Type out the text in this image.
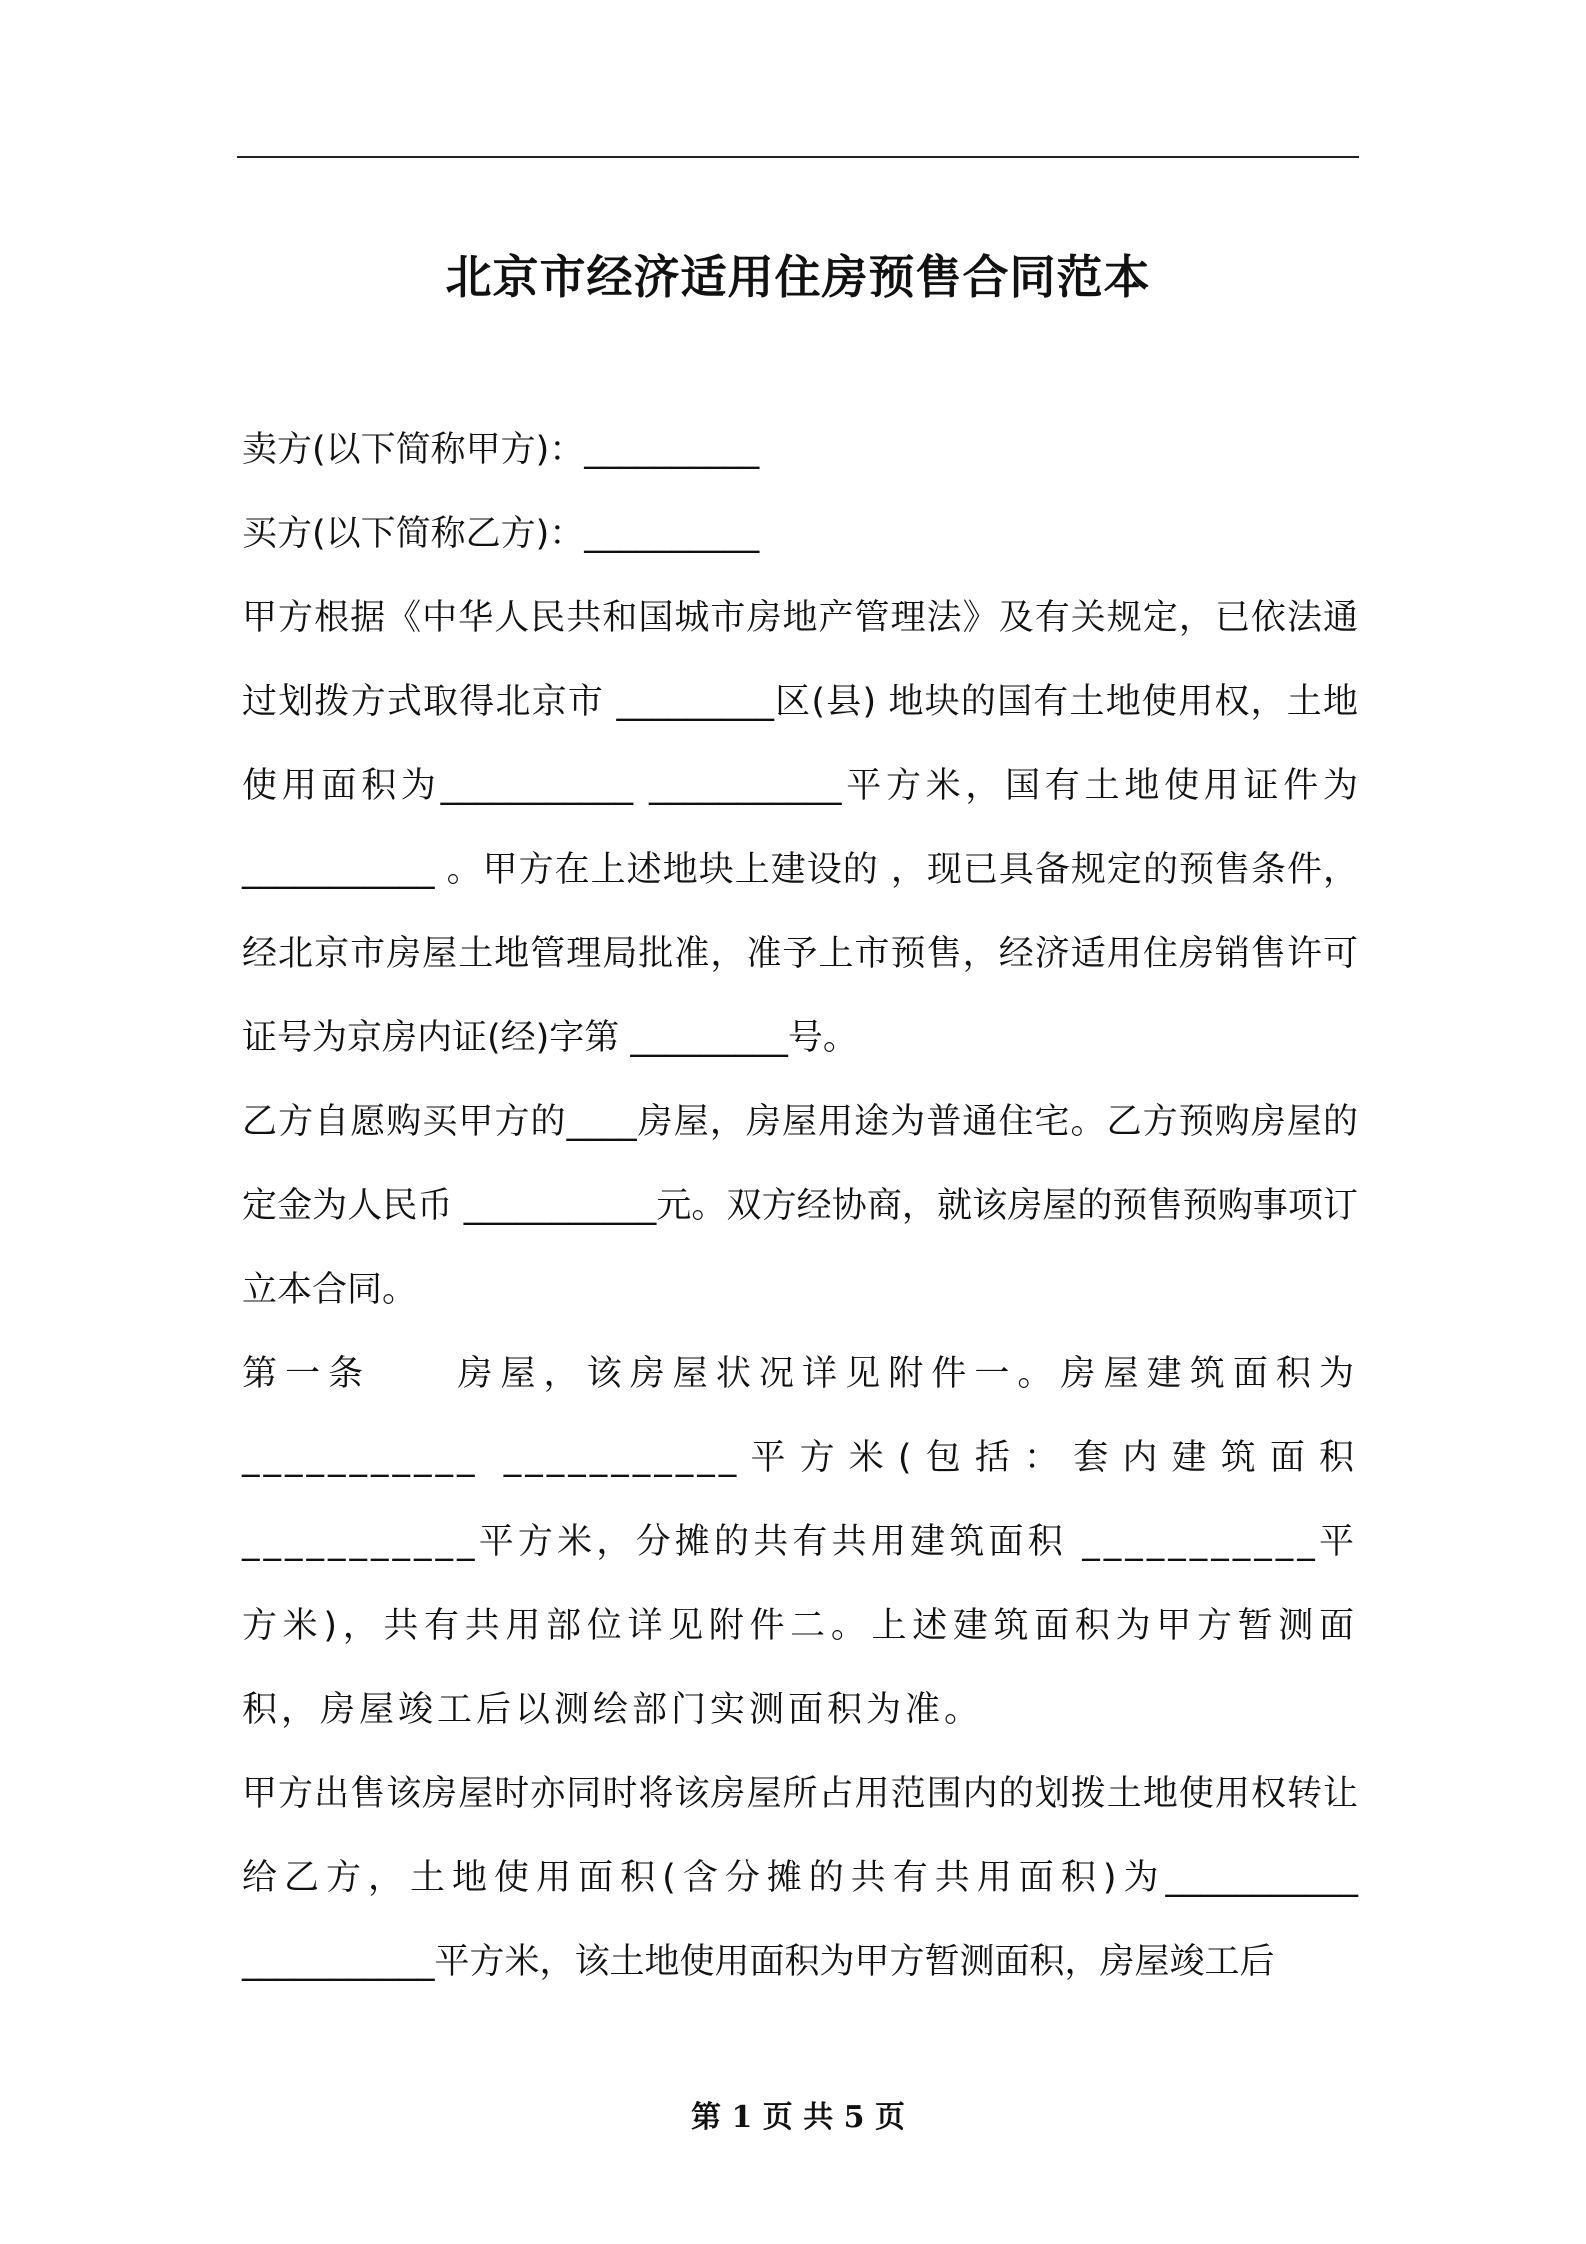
北京市经济适用住房预售合同范本

卖方(以下简称甲方)：__________

买方(以下简称乙方)：__________

甲方根据《中华人民共和国城市房地产管理法》及有关规定，已依法通过划拨方式取得北京市 _________区(县) 地块的国有土地使用权，土地使用面积为___________ ___________平方米，国有土地使用证件为___________ 。甲方在上述地块上建设的 ，现已具备规定的预售条件，经北京市房屋土地管理局批准，准予上市预售，经济适用住房销售许可证号为京房内证(经)字第 _________号。

乙方自愿购买甲方的____房屋，房屋用途为普通住宅。乙方预购房屋的定金为人民币 ___________元。双方经协商，就该房屋的预售预购事项订立本合同。

第一条　　房屋，该房屋状况详见附件一。房屋建筑面积为___________ ___________平方米(包括：套内建筑面积 ___________平方米，分摊的共有共用建筑面积 ___________平方米)，共有共用部位详见附件二。上述建筑面积为甲方暂测面积，房屋竣工后以测绘部门实测面积为准。

甲方出售该房屋时亦同时将该房屋所占用范围内的划拨土地使用权转让给乙方，土地使用面积(含分摊的共有共用面积)为___________ ___________平方米，该土地使用面积为甲方暂测面积，房屋竣工后

第 1 页 共 5 页
